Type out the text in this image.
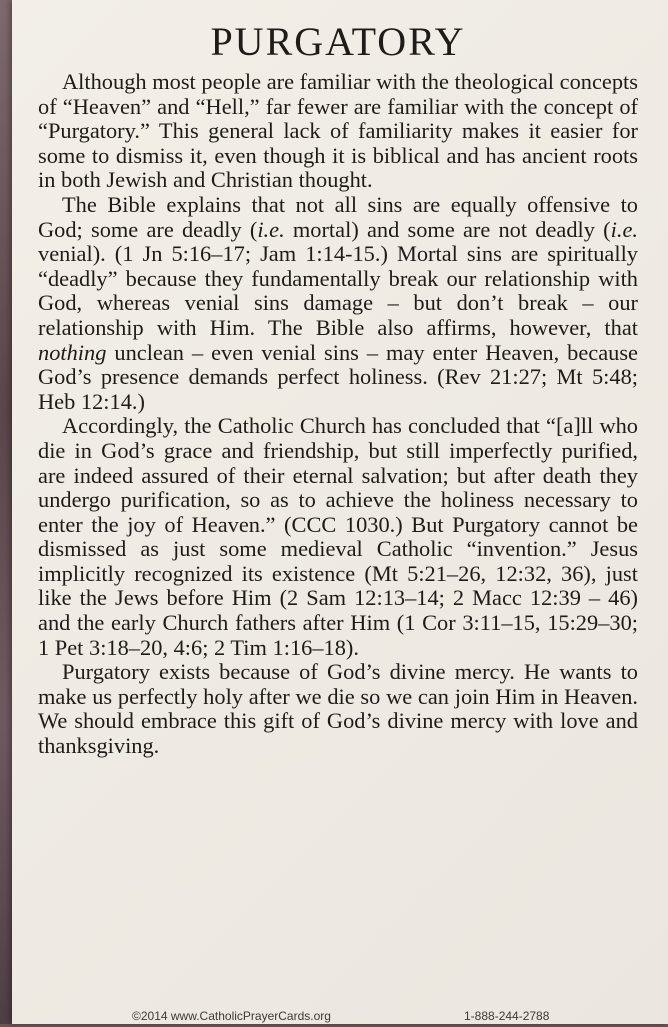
PURGATORY

Although most people are familiar with the theological concepts of “Heaven” and “Hell,” far fewer are familiar with the concept of “Purgatory.” This general lack of familiarity makes it easier for some to dismiss it, even though it is biblical and has ancient roots in both Jewish and Christian thought.

The Bible explains that not all sins are equally offensive to God; some are deadly (i.e. mortal) and some are not deadly (i.e. venial). (1 Jn 5:16–17; Jam 1:14-15.) Mortal sins are spiritually “deadly” because they fundamentally break our relationship with God, whereas venial sins damage – but don’t break – our relationship with Him. The Bible also affirms, however, that nothing unclean – even venial sins – may enter Heaven, because God’s presence demands perfect holiness. (Rev 21:27; Mt 5:48; Heb 12:14.)

Accordingly, the Catholic Church has concluded that “[a]ll who die in God’s grace and friendship, but still imperfectly purified, are indeed assured of their eternal salvation; but after death they undergo purification, so as to achieve the holiness necessary to enter the joy of Heaven.” (CCC 1030.) But Purgatory cannot be dismissed as just some medieval Catholic “invention.” Jesus implicitly recognized its existence (Mt 5:21–26, 12:32, 36), just like the Jews before Him (2 Sam 12:13–14; 2 Macc 12:39 – 46) and the early Church fathers after Him (1 Cor 3:11–15, 15:29–30; 1 Pet 3:18–20, 4:6; 2 Tim 1:16–18).

Purgatory exists because of God’s divine mercy. He wants to make us perfectly holy after we die so we can join Him in Heaven. We should embrace this gift of God’s divine mercy with love and thanksgiving.

©2014 www.CatholicPrayerCards.org	1-888-244-2788
